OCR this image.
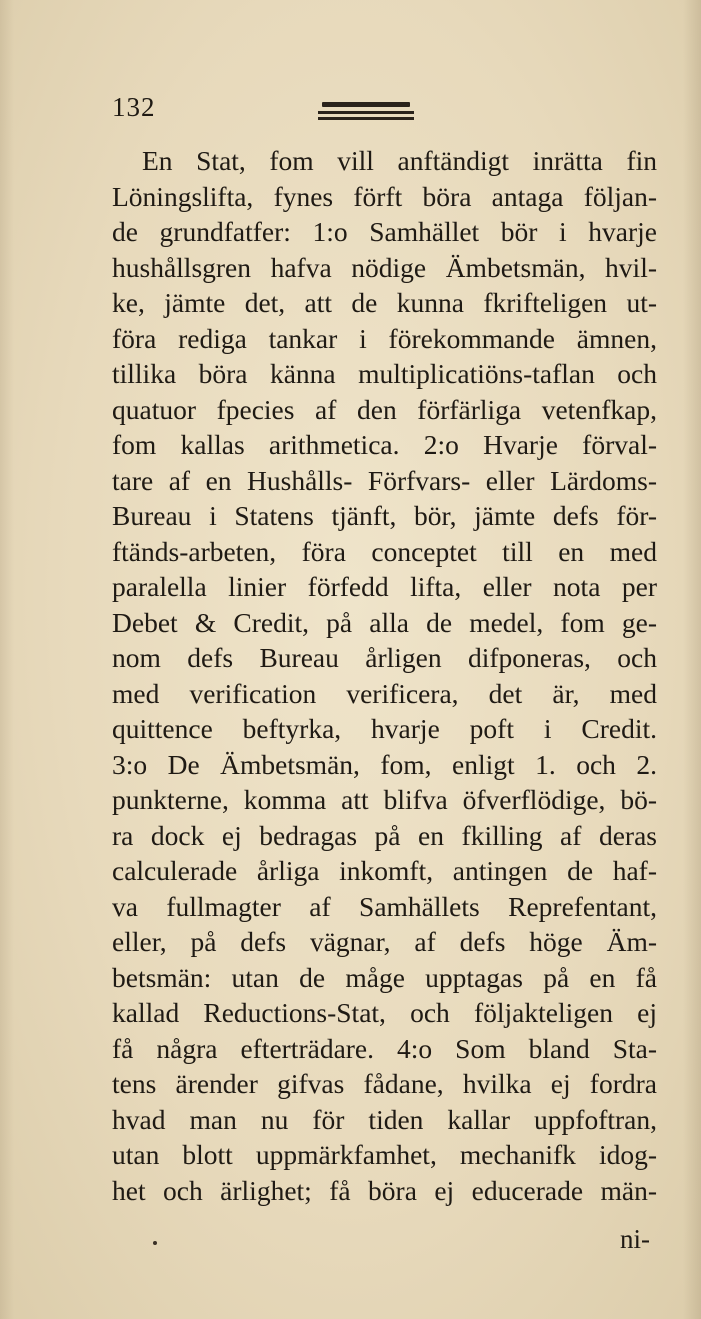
132
En Stat, fom vill anftändigt inrätta fin
Löningslifta, fynes förft böra antaga följan-
de grundfatfer: 1:o Samhället bör i hvarje
hushållsgren hafva nödige Ämbetsmän, hvil-
ke, jämte det, att de kunna fkrifteligen ut-
föra rediga tankar i förekommande ämnen,
tillika böra känna multiplicatiöns-taflan och
quatuor fpecies af den förfärliga vetenfkap,
fom kallas arithmetica. 2:o Hvarje förval-
tare af en Hushålls- Förfvars- eller Lärdoms-
Bureau i Statens tjänft, bör, jämte defs för-
ftänds-arbeten, föra conceptet till en med
paralella linier förfedd lifta, eller nota per
Debet & Credit, på alla de medel, fom ge-
nom defs Bureau årligen difponeras, och
med verification verificera, det är, med
quittence beftyrka, hvarje poft i Credit.
3:o De Ämbetsmän, fom, enligt 1. och 2.
punkterne, komma att blifva öfverflödige, bö-
ra dock ej bedragas på en fkilling af deras
calculerade årliga inkomft, antingen de haf-
va fullmagter af Samhällets Reprefentant,
eller, på defs vägnar, af defs höge Äm-
betsmän: utan de måge upptagas på en få
kallad Reductions-Stat, och följakteligen ej
få några efterträdare. 4:o Som bland Sta-
tens ärender gifvas fådane, hvilka ej fordra
hvad man nu för tiden kallar uppfoftran,
utan blott uppmärkfamhet, mechanifk idog-
het och ärlighet; få böra ej educerade män-
ni-
